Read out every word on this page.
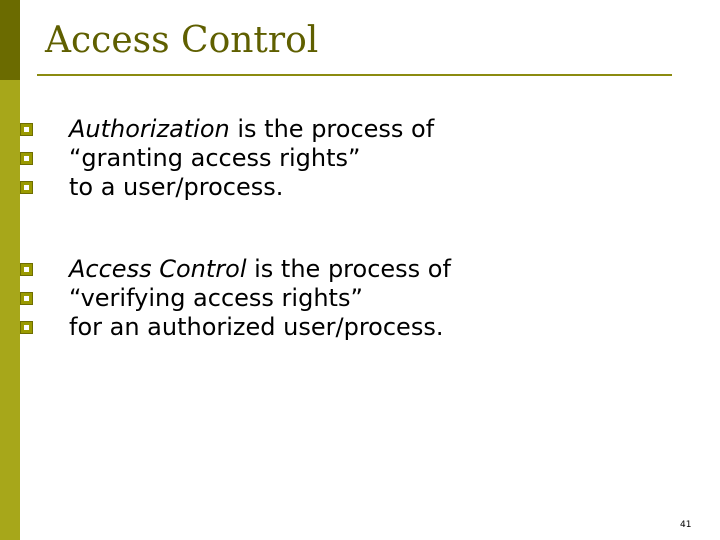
Access Control
Authorization is the process of
“granting access rights”
to a user/process.
Access Control is the process of
“verifying access rights”
for an authorized user/process.
41
